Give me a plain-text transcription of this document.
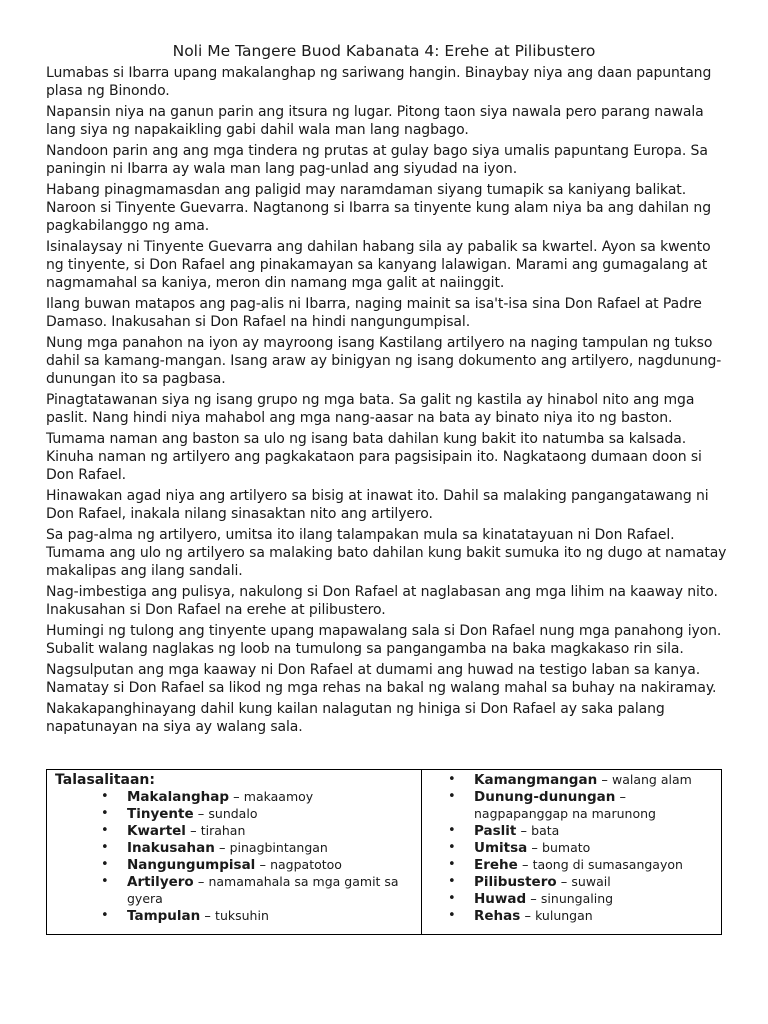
Noli Me Tangere Buod Kabanata 4: Erehe at Pilibustero

Lumabas si Ibarra upang makalanghap ng sariwang hangin. Binaybay niya ang daan papuntang plasa ng Binondo.

Napansin niya na ganun parin ang itsura ng lugar. Pitong taon siya nawala pero parang nawala lang siya ng napakaikling gabi dahil wala man lang nagbago.

Nandoon parin ang ang mga tindera ng prutas at gulay bago siya umalis papuntang Europa. Sa paningin ni Ibarra ay wala man lang pag-unlad ang siyudad na iyon.

Habang pinagmamasdan ang paligid may naramdaman siyang tumapik sa kaniyang balikat. Naroon si Tinyente Guevarra. Nagtanong si Ibarra sa tinyente kung alam niya ba ang dahilan ng pagkabilanggo ng ama.

Isinalaysay ni Tinyente Guevarra ang dahilan habang sila ay pabalik sa kwartel. Ayon sa kwento ng tinyente, si Don Rafael ang pinakamayan sa kanyang lalawigan. Marami ang gumagalang at nagmamahal sa kaniya, meron din namang mga galit at naiinggit.

Ilang buwan matapos ang pag-alis ni Ibarra, naging mainit sa isa't-isa sina Don Rafael at Padre Damaso. Inakusahan si Don Rafael na hindi nangungumpisal.

Nung mga panahon na iyon ay mayroong isang Kastilang artilyero na naging tampulan ng tukso dahil sa kamang-mangan. Isang araw ay binigyan ng isang dokumento ang artilyero, nagdunung-dunungan ito sa pagbasa.

Pinagtatawanan siya ng isang grupo ng mga bata. Sa galit ng kastila ay hinabol nito ang mga paslit. Nang hindi niya mahabol ang mga nang-aasar na bata ay binato niya ito ng baston.

Tumama naman ang baston sa ulo ng isang bata dahilan kung bakit ito natumba sa kalsada. Kinuha naman ng artilyero ang pagkakataon para pagsisipain ito. Nagkataong dumaan doon si Don Rafael.

Hinawakan agad niya ang artilyero sa bisig at inawat ito. Dahil sa malaking pangangatawang ni Don Rafael, inakala nilang sinasaktan nito ang artilyero.

Sa pag-alma ng artilyero, umitsa ito ilang talampakan mula sa kinatatayuan ni Don Rafael. Tumama ang ulo ng artilyero sa malaking bato dahilan kung bakit sumuka ito ng dugo at namatay makalipas ang ilang sandali.

Nag-imbestiga ang pulisya, nakulong si Don Rafael at naglabasan ang mga lihim na kaaway nito. Inakusahan si Don Rafael na erehe at pilibustero.

Humingi ng tulong ang tinyente upang mapawalang sala si Don Rafael nung mga panahong iyon. Subalit walang naglakas ng loob na tumulong sa pangangamba na baka magkakaso rin sila.

Nagsulputan ang mga kaaway ni Don Rafael at dumami ang huwad na testigo laban sa kanya. Namatay si Don Rafael sa likod ng mga rehas na bakal ng walang mahal sa buhay na nakiramay.

Nakakapanghinayang dahil kung kailan nalagutan ng hiniga si Don Rafael ay saka palang napatunayan na siya ay walang sala.

Talasalitaan:
• Makalanghap – makaamoy
• Tinyente – sundalo
• Kwartel – tirahan
• Inakusahan – pinagbintangan
• Nangungumpisal – nagpatotoo
• Artilyero – namamahala sa mga gamit sa gyera
• Tampulan – tuksuhin
• Kamangmangan – walang alam
• Dunung-dunungan – nagpapanggap na marunong
• Paslit – bata
• Umitsa – bumato
• Erehe – taong di sumasangayon
• Pilibustero – suwail
• Huwad – sinungaling
• Rehas – kulungan
